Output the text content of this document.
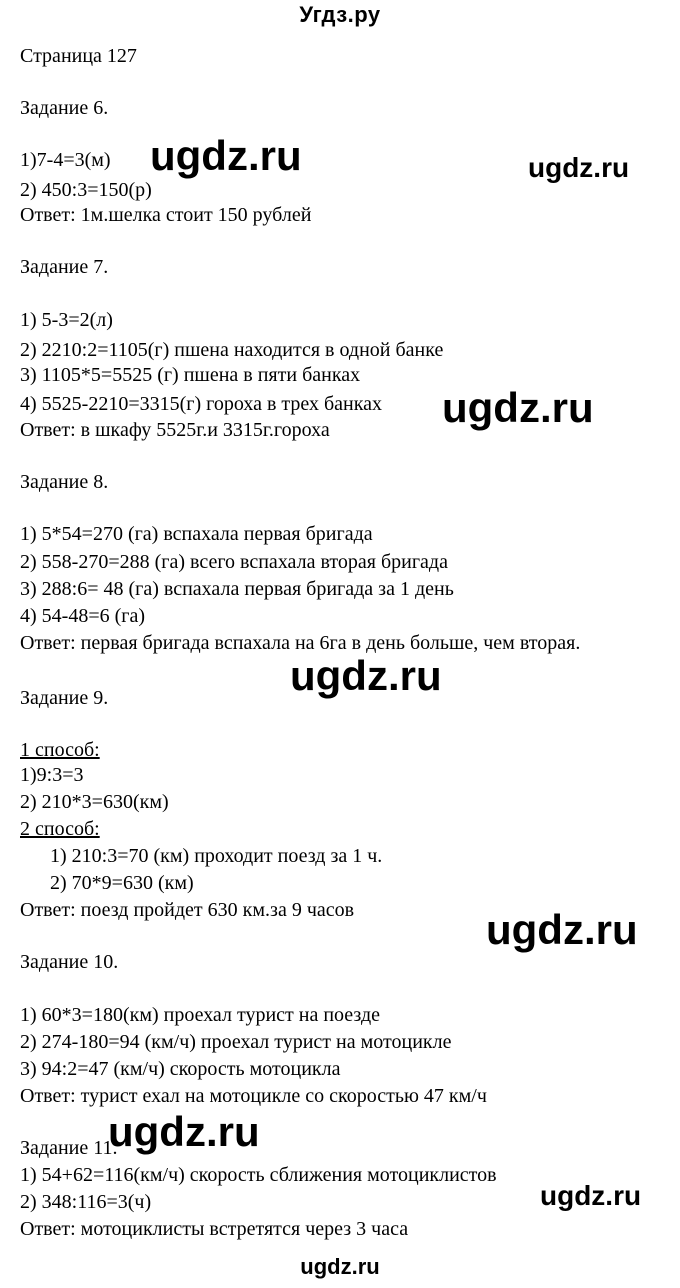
Угдз.ру
Страница 127
Задание 6.
1)7-4=3(м)
2) 450:3=150(р)
Ответ: 1м.шелка стоит 150 рублей
Задание 7.
1) 5-3=2(л)
2) 2210:2=1105(г) пшена находится в одной банке
3) 1105*5=5525 (г) пшена в пяти банках
4) 5525-2210=3315(г) гороха в трех банках
Ответ: в шкафу 5525г.и 3315г.гороха
Задание 8.
1) 5*54=270 (га) вспахала первая бригада
2) 558-270=288 (га) всего вспахала вторая бригада
3) 288:6= 48 (га) вспахала первая бригада за 1 день
4) 54-48=6 (га)
Ответ: первая бригада вспахала на 6га в день больше, чем вторая.
Задание 9.
1 способ:
1)9:3=3
2) 210*3=630(км)
2 способ:
1) 210:3=70 (км) проходит поезд за 1 ч.
2) 70*9=630 (км)
Ответ: поезд пройдет 630 км.за 9 часов
Задание 10.
1) 60*3=180(км) проехал турист на поезде
2) 274-180=94 (км/ч) проехал турист на мотоцикле
3) 94:2=47 (км/ч) скорость мотоцикла
Ответ: турист ехал на мотоцикле со скоростью 47 км/ч
Задание 11.
1) 54+62=116(км/ч) скорость сближения мотоциклистов
2) 348:116=3(ч)
Ответ: мотоциклисты встретятся через 3 часа
ugdz.ru	ugdz.ru
ugdz.ru
ugdz.ru
ugdz.ru
ugdz.ru
ugdz.ru
ugdz.ru
